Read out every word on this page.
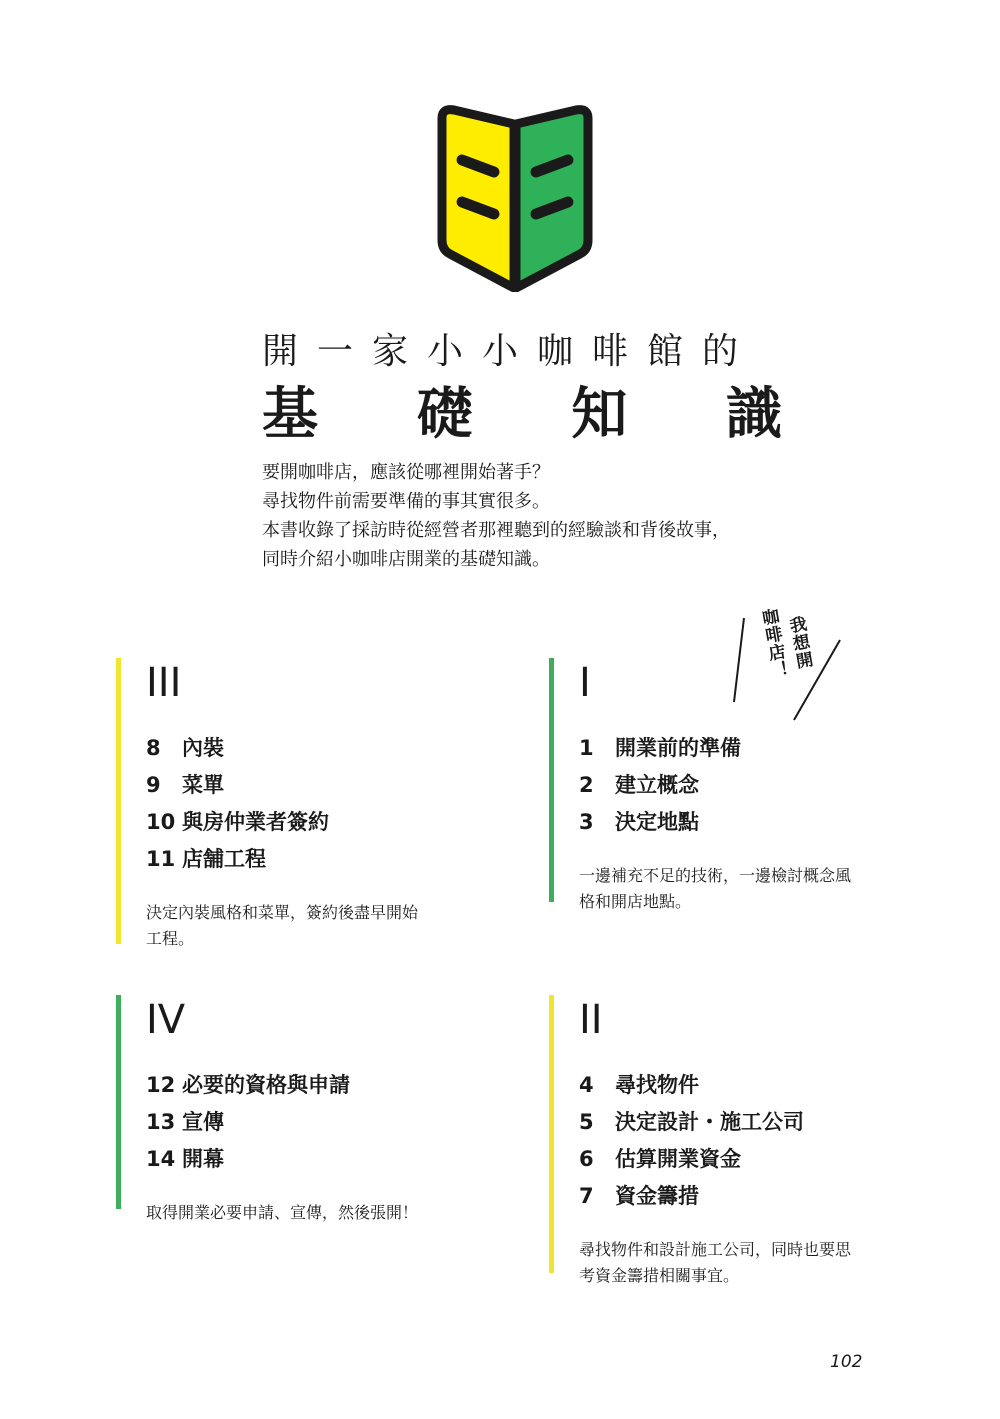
開一家小小咖啡館的
基 礎 知 識
要開咖啡店，應該從哪裡開始著手？
尋找物件前需要準備的事其實很多。
本書收錄了採訪時從經營者那裡聽到的經驗談和背後故事，
同時介紹小咖啡店開業的基礎知識。
我想開
咖啡店！
III
8 內裝
9 菜單
10 與房仲業者簽約
11 店舗工程
決定內裝風格和菜單，簽約後盡早開始
工程。
I
1 開業前的準備
2 建立概念
3 決定地點
一邊補充不足的技術，一邊檢討概念風
格和開店地點。
IV
12 必要的資格與申請
13 宣傳
14 開幕
取得開業必要申請、宣傳，然後張開！
II
4 尋找物件
5 決定設計・施工公司
6 估算開業資金
7 資金籌措
尋找物件和設計施工公司，同時也要思
考資金籌措相關事宜。
102
